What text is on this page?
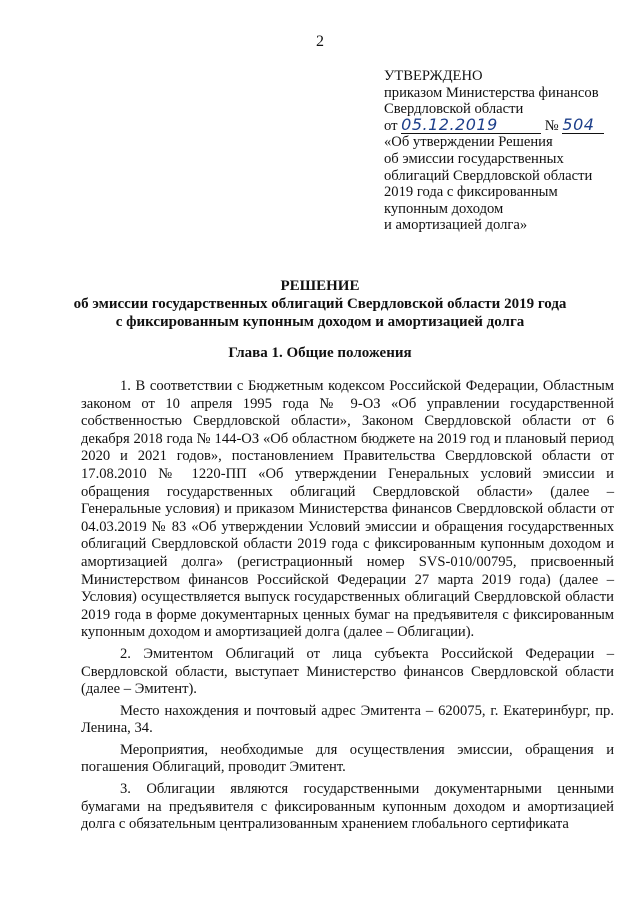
2
УТВЕРЖДЕНО
приказом Министерства финансов
Свердловской области
от 05.12.2019	№ 504
«Об утверждении Решения
об эмиссии государственных
облигаций Свердловской области
2019 года с фиксированным
купонным доходом
и амортизацией долга»
РЕШЕНИЕ
об эмиссии государственных облигаций Свердловской области 2019 года
с фиксированным купонным доходом и амортизацией долга
Глава 1. Общие положения

1. В соответствии с Бюджетным кодексом Российской Федерации, Областным законом от 10 апреля 1995 года № 9-ОЗ «Об управлении государственной собственностью Свердловской области», Законом Свердловской области от 6 декабря 2018 года № 144-ОЗ «Об областном бюджете на 2019 год и плановый период 2020 и 2021 годов», постановлением Правительства Свердловской области от 17.08.2010 № 1220-ПП «Об утверждении Генеральных условий эмиссии и обращения государственных облигаций Свердловской области» (далее – Генеральные условия) и приказом Министерства финансов Свердловской области от 04.03.2019 № 83 «Об утверждении Условий эмиссии и обращения государственных облигаций Свердловской области 2019 года с фиксированным купонным доходом и амортизацией долга» (регистрационный номер SVS-010/00795, присвоенный Министерством финансов Российской Федерации 27 марта 2019 года) (далее – Условия) осуществляется выпуск государственных облигаций Свердловской области 2019 года в форме документарных ценных бумаг на предъявителя с фиксированным купонным доходом и амортизацией долга (далее – Облигации).

2. Эмитентом Облигаций от лица субъекта Российской Федерации – Свердловской области, выступает Министерство финансов Свердловской области (далее – Эмитент).

Место нахождения и почтовый адрес Эмитента – 620075, г. Екатеринбург, пр. Ленина, 34.

Мероприятия, необходимые для осуществления эмиссии, обращения и погашения Облигаций, проводит Эмитент.

3. Облигации являются государственными документарными ценными бумагами на предъявителя с фиксированным купонным доходом и амортизацией долга с обязательным централизованным хранением глобального сертификата
